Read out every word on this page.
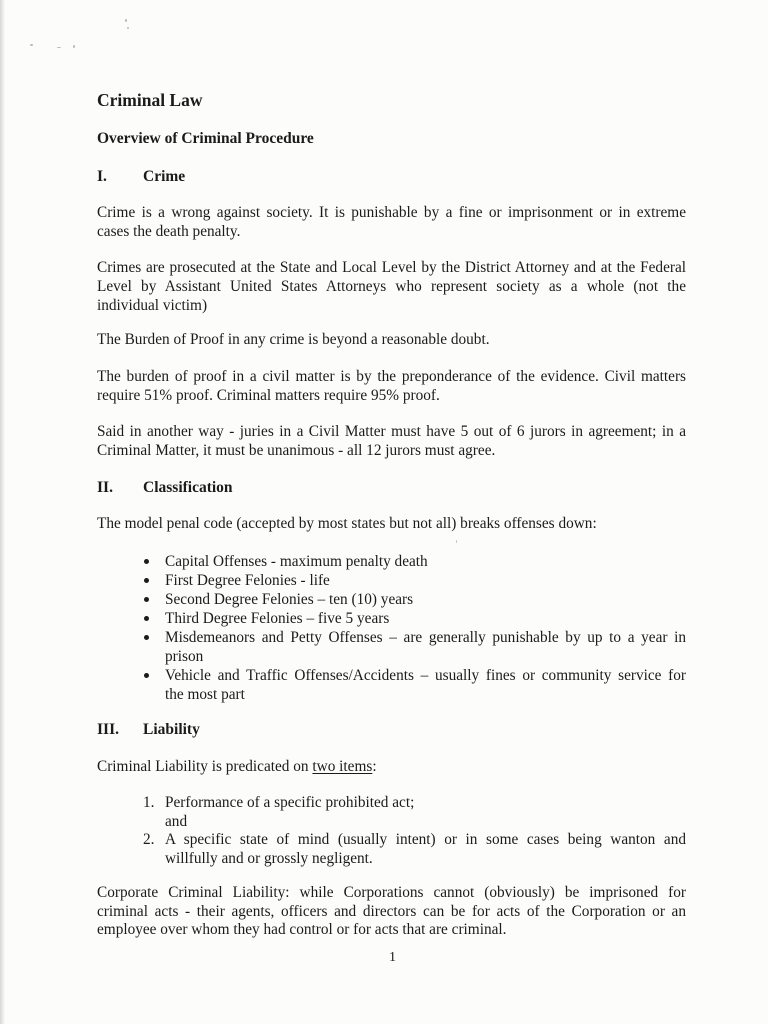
Criminal Law
Overview of Criminal Procedure
I. Crime
Crime is a wrong against society. It is punishable by a fine or imprisonment or in extreme
cases the death penalty.
Crimes are prosecuted at the State and Local Level by the District Attorney and at the Federal
Level by Assistant United States Attorneys who represent society as a whole (not the
individual victim)
The Burden of Proof in any crime is beyond a reasonable doubt.
The burden of proof in a civil matter is by the preponderance of the evidence. Civil matters
require 51% proof. Criminal matters require 95% proof.
Said in another way - juries in a Civil Matter must have 5 out of 6 jurors in agreement; in a
Criminal Matter, it must be unanimous - all 12 jurors must agree.
II. Classification
The model penal code (accepted by most states but not all) breaks offenses down:
Capital Offenses - maximum penalty death
First Degree Felonies - life
Second Degree Felonies – ten (10) years
Third Degree Felonies – five 5 years
Misdemeanors and Petty Offenses – are generally punishable by up to a year in
prison
Vehicle and Traffic Offenses/Accidents – usually fines or community service for
the most part
III. Liability
Criminal Liability is predicated on two items:
1. Performance of a specific prohibited act;
and
2. A specific state of mind (usually intent) or in some cases being wanton and
willfully and or grossly negligent.
Corporate Criminal Liability: while Corporations cannot (obviously) be imprisoned for
criminal acts - their agents, officers and directors can be for acts of the Corporation or an
employee over whom they had control or for acts that are criminal.
1
